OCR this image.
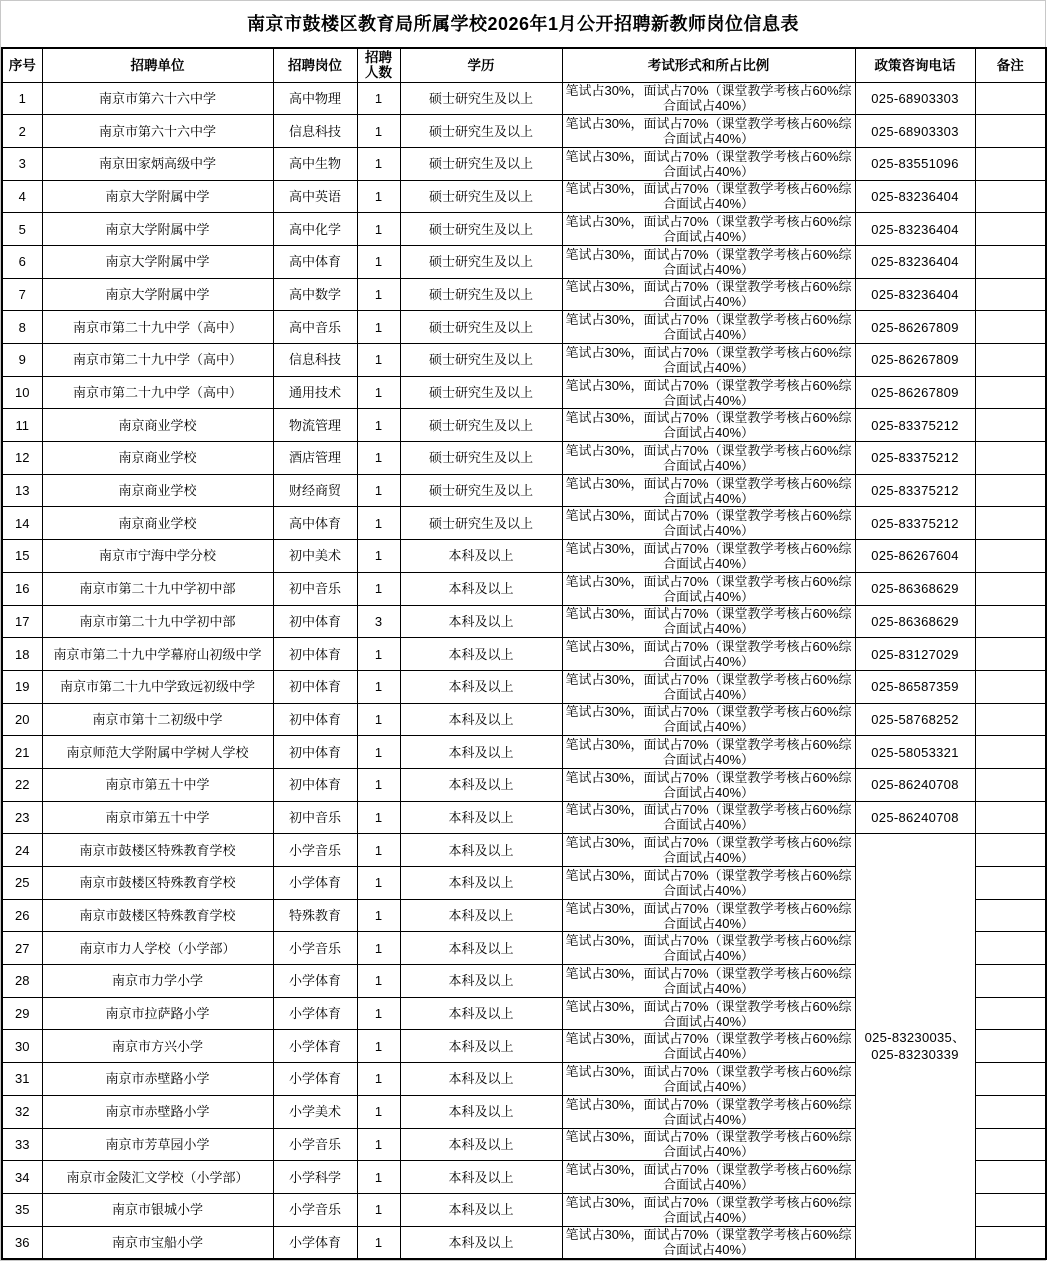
南京市鼓楼区教育局所属学校2026年1月公开招聘新教师岗位信息表
序号	招聘单位	招聘岗位	招聘人数	学历	考试形式和所占比例	政策咨询电话	备注
1	南京市第六十六中学	高中物理	1	硕士研究生及以上	笔试占30%，面试占70%（课堂教学考核占60%综合面试占40%）	025-68903303	
2	南京市第六十六中学	信息科技	1	硕士研究生及以上	笔试占30%，面试占70%（课堂教学考核占60%综合面试占40%）	025-68903303	
3	南京田家炳高级中学	高中生物	1	硕士研究生及以上	笔试占30%，面试占70%（课堂教学考核占60%综合面试占40%）	025-83551096	
4	南京大学附属中学	高中英语	1	硕士研究生及以上	笔试占30%，面试占70%（课堂教学考核占60%综合面试占40%）	025-83236404	
5	南京大学附属中学	高中化学	1	硕士研究生及以上	笔试占30%，面试占70%（课堂教学考核占60%综合面试占40%）	025-83236404	
6	南京大学附属中学	高中体育	1	硕士研究生及以上	笔试占30%，面试占70%（课堂教学考核占60%综合面试占40%）	025-83236404	
7	南京大学附属中学	高中数学	1	硕士研究生及以上	笔试占30%，面试占70%（课堂教学考核占60%综合面试占40%）	025-83236404	
8	南京市第二十九中学（高中）	高中音乐	1	硕士研究生及以上	笔试占30%，面试占70%（课堂教学考核占60%综合面试占40%）	025-86267809	
9	南京市第二十九中学（高中）	信息科技	1	硕士研究生及以上	笔试占30%，面试占70%（课堂教学考核占60%综合面试占40%）	025-86267809	
10	南京市第二十九中学（高中）	通用技术	1	硕士研究生及以上	笔试占30%，面试占70%（课堂教学考核占60%综合面试占40%）	025-86267809	
11	南京商业学校	物流管理	1	硕士研究生及以上	笔试占30%，面试占70%（课堂教学考核占60%综合面试占40%）	025-83375212	
12	南京商业学校	酒店管理	1	硕士研究生及以上	笔试占30%，面试占70%（课堂教学考核占60%综合面试占40%）	025-83375212	
13	南京商业学校	财经商贸	1	硕士研究生及以上	笔试占30%，面试占70%（课堂教学考核占60%综合面试占40%）	025-83375212	
14	南京商业学校	高中体育	1	硕士研究生及以上	笔试占30%，面试占70%（课堂教学考核占60%综合面试占40%）	025-83375212	
15	南京市宁海中学分校	初中美术	1	本科及以上	笔试占30%，面试占70%（课堂教学考核占60%综合面试占40%）	025-86267604	
16	南京市第二十九中学初中部	初中音乐	1	本科及以上	笔试占30%，面试占70%（课堂教学考核占60%综合面试占40%）	025-86368629	
17	南京市第二十九中学初中部	初中体育	3	本科及以上	笔试占30%，面试占70%（课堂教学考核占60%综合面试占40%）	025-86368629	
18	南京市第二十九中学幕府山初级中学	初中体育	1	本科及以上	笔试占30%，面试占70%（课堂教学考核占60%综合面试占40%）	025-83127029	
19	南京市第二十九中学致远初级中学	初中体育	1	本科及以上	笔试占30%，面试占70%（课堂教学考核占60%综合面试占40%）	025-86587359	
20	南京市第十二初级中学	初中体育	1	本科及以上	笔试占30%，面试占70%（课堂教学考核占60%综合面试占40%）	025-58768252	
21	南京师范大学附属中学树人学校	初中体育	1	本科及以上	笔试占30%，面试占70%（课堂教学考核占60%综合面试占40%）	025-58053321	
22	南京市第五十中学	初中体育	1	本科及以上	笔试占30%，面试占70%（课堂教学考核占60%综合面试占40%）	025-86240708	
23	南京市第五十中学	初中音乐	1	本科及以上	笔试占30%，面试占70%（课堂教学考核占60%综合面试占40%）	025-86240708	
24	南京市鼓楼区特殊教育学校	小学音乐	1	本科及以上	笔试占30%，面试占70%（课堂教学考核占60%综合面试占40%）	025-83230035、
025-83230339	

25	南京市鼓楼区特殊教育学校	小学体育	1	本科及以上	笔试占30%，面试占70%（课堂教学考核占60%综合面试占40%）		
26	南京市鼓楼区特殊教育学校	特殊教育	1	本科及以上	笔试占30%，面试占70%（课堂教学考核占60%综合面试占40%）		
27	南京市力人学校（小学部）	小学音乐	1	本科及以上	笔试占30%，面试占70%（课堂教学考核占60%综合面试占40%）		
28	南京市力学小学	小学体育	1	本科及以上	笔试占30%，面试占70%（课堂教学考核占60%综合面试占40%）		
29	南京市拉萨路小学	小学体育	1	本科及以上	笔试占30%，面试占70%（课堂教学考核占60%综合面试占40%）		
30	南京市方兴小学	小学体育	1	本科及以上	笔试占30%，面试占70%（课堂教学考核占60%综合面试占40%）		
31	南京市赤壁路小学	小学体育	1	本科及以上	笔试占30%，面试占70%（课堂教学考核占60%综合面试占40%）		
32	南京市赤壁路小学	小学美术	1	本科及以上	笔试占30%，面试占70%（课堂教学考核占60%综合面试占40%）		
33	南京市芳草园小学	小学音乐	1	本科及以上	笔试占30%，面试占70%（课堂教学考核占60%综合面试占40%）		
34	南京市金陵汇文学校（小学部）	小学科学	1	本科及以上	笔试占30%，面试占70%（课堂教学考核占60%综合面试占40%）		
35	南京市银城小学	小学音乐	1	本科及以上	笔试占30%，面试占70%（课堂教学考核占60%综合面试占40%）		
36	南京市宝船小学	小学体育	1	本科及以上	笔试占30%，面试占70%（课堂教学考核占60%综合面试占40%）		
